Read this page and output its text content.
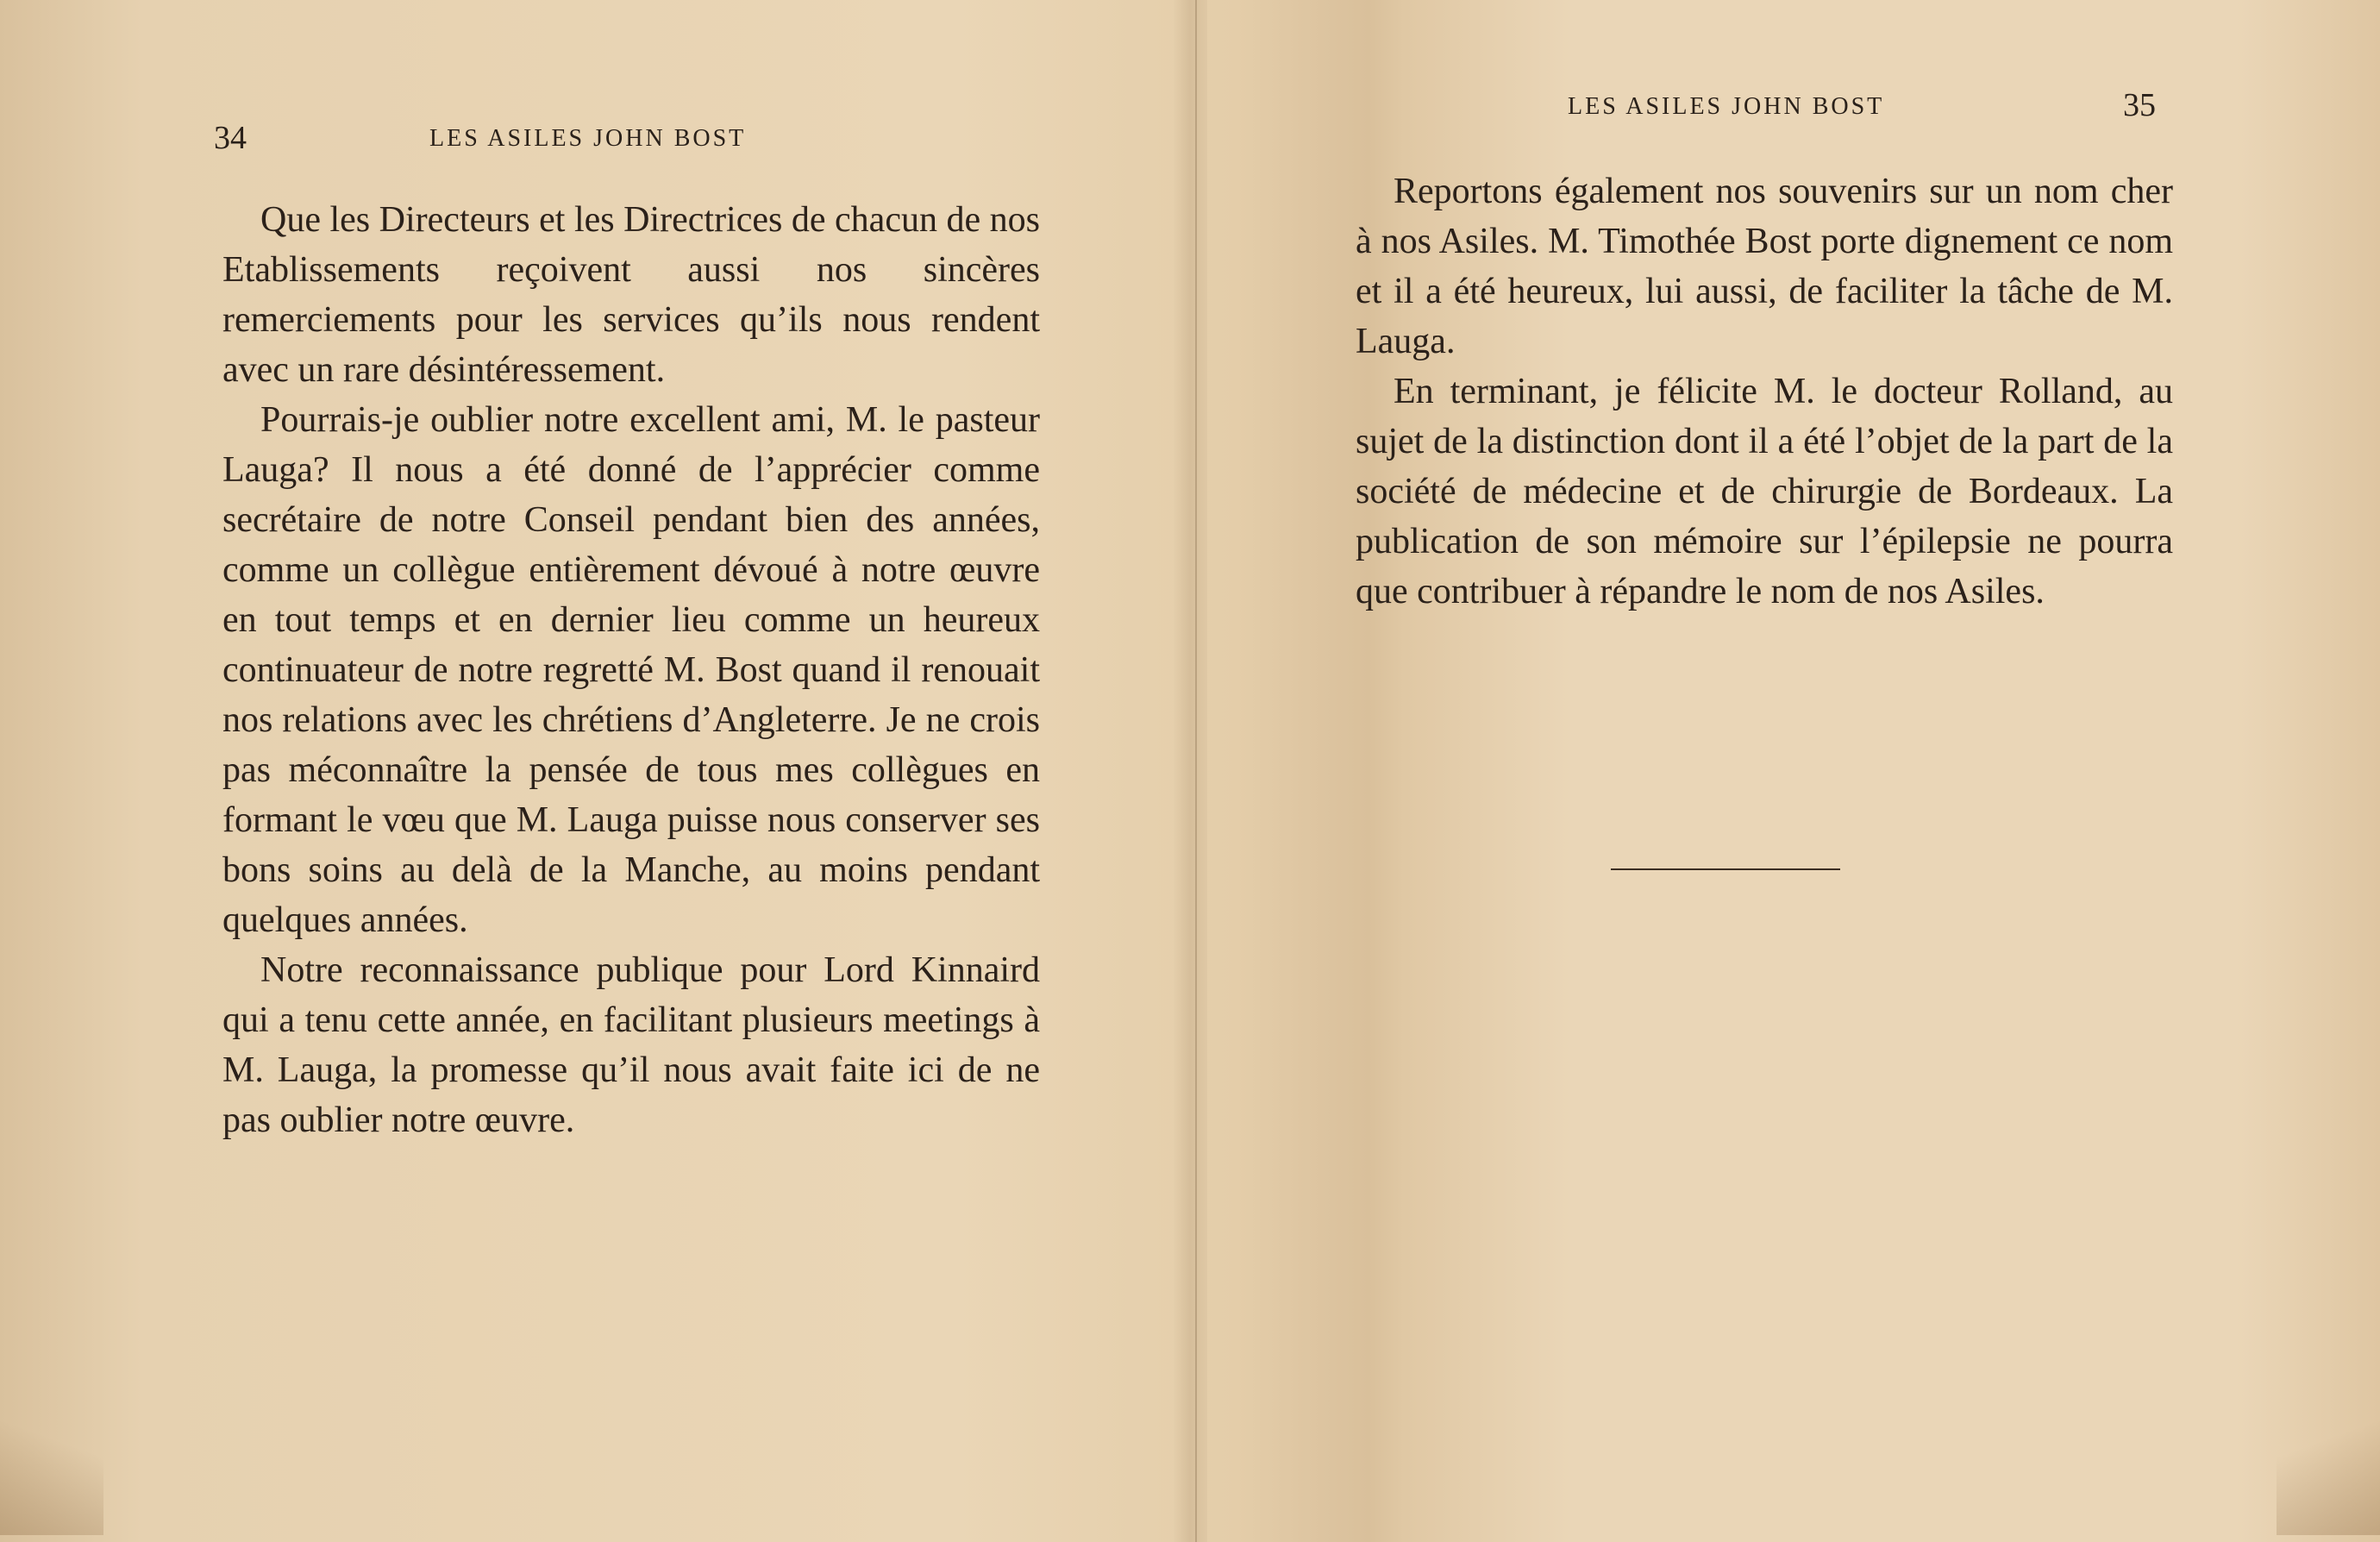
34	LES ASILES JOHN BOST

Que les Directeurs et les Directrices de chacun de nos Etablissements reçoivent aussi nos sincères remerciements pour les services qu’ils nous rendent avec un rare désintéressement.

Pourrais-je oublier notre excellent ami, M. le pasteur Lauga? Il nous a été donné de l’apprécier comme secrétaire de notre Conseil pendant bien des années, comme un collègue entièrement dévoué à notre œuvre en tout temps et en dernier lieu comme un heureux continuateur de notre regretté M. Bost quand il renouait nos relations avec les chrétiens d’Angleterre. Je ne crois pas méconnaître la pensée de tous mes collègues en formant le vœu que M. Lauga puisse nous conserver ses bons soins au delà de la Manche, au moins pendant quelques années.

Notre reconnaissance publique pour Lord Kinnaird qui a tenu cette année, en facilitant plusieurs meetings à M. Lauga, la promesse qu’il nous avait faite ici de ne pas oublier notre œuvre.

LES ASILES JOHN BOST	35

Reportons également nos souvenirs sur un nom cher à nos Asiles. M. Timothée Bost porte dignement ce nom et il a été heureux, lui aussi, de faciliter la tâche de M. Lauga.

En terminant, je félicite M. le docteur Rolland, au sujet de la distinction dont il a été l’objet de la part de la société de médecine et de chirurgie de Bordeaux. La publication de son mémoire sur l’épilepsie ne pourra que contribuer à répandre le nom de nos Asiles.
